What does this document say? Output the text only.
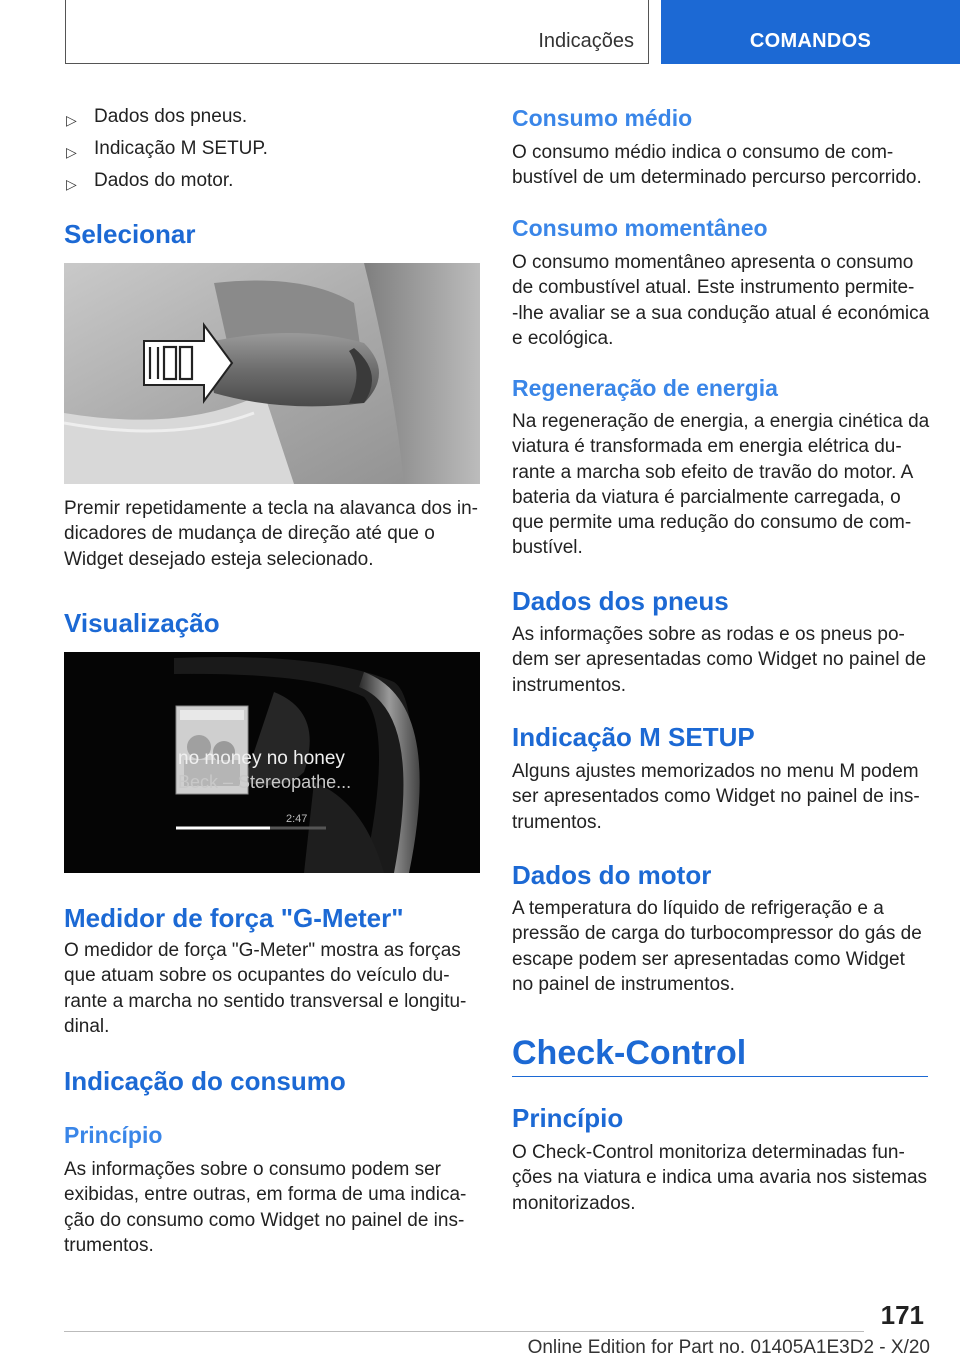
Indicações	COMANDOS
▷ Dados dos pneus.
▷ Indicação M SETUP.
▷ Dados do motor.
Selecionar
Premir repetidamente a tecla na alavanca dos in-
dicadores de mudança de direção até que o
Widget desejado esteja selecionado.
Visualização
no money no honey
Beck – Stereopathe...
2:47
Medidor de força "G-Meter"
O medidor de força "G-Meter" mostra as forças
que atuam sobre os ocupantes do veículo du-
rante a marcha no sentido transversal e longitu-
dinal.
Indicação do consumo
Princípio
As informações sobre o consumo podem ser
exibidas, entre outras, em forma de uma indica-
ção do consumo como Widget no painel de ins-
trumentos.
Consumo médio
O consumo médio indica o consumo de com-
bustível de um determinado percurso percorrido.
Consumo momentâneo
O consumo momentâneo apresenta o consumo
de combustível atual. Este instrumento permite-
-lhe avaliar se a sua condução atual é económica
e ecológica.
Regeneração de energia
Na regeneração de energia, a energia cinética da
viatura é transformada em energia elétrica du-
rante a marcha sob efeito de travão do motor. A
bateria da viatura é parcialmente carregada, o
que permite uma redução do consumo de com-
bustível.
Dados dos pneus
As informações sobre as rodas e os pneus po-
dem ser apresentadas como Widget no painel de
instrumentos.
Indicação M SETUP
Alguns ajustes memorizados no menu M podem
ser apresentados como Widget no painel de ins-
trumentos.
Dados do motor
A temperatura do líquido de refrigeração e a
pressão de carga do turbocompressor do gás de
escape podem ser apresentadas como Widget
no painel de instrumentos.
Check-Control
Princípio
O Check-Control monitoriza determinadas fun-
ções na viatura e indica uma avaria nos sistemas
monitorizados.
171
Online Edition for Part no. 01405A1E3D2 - X/20
